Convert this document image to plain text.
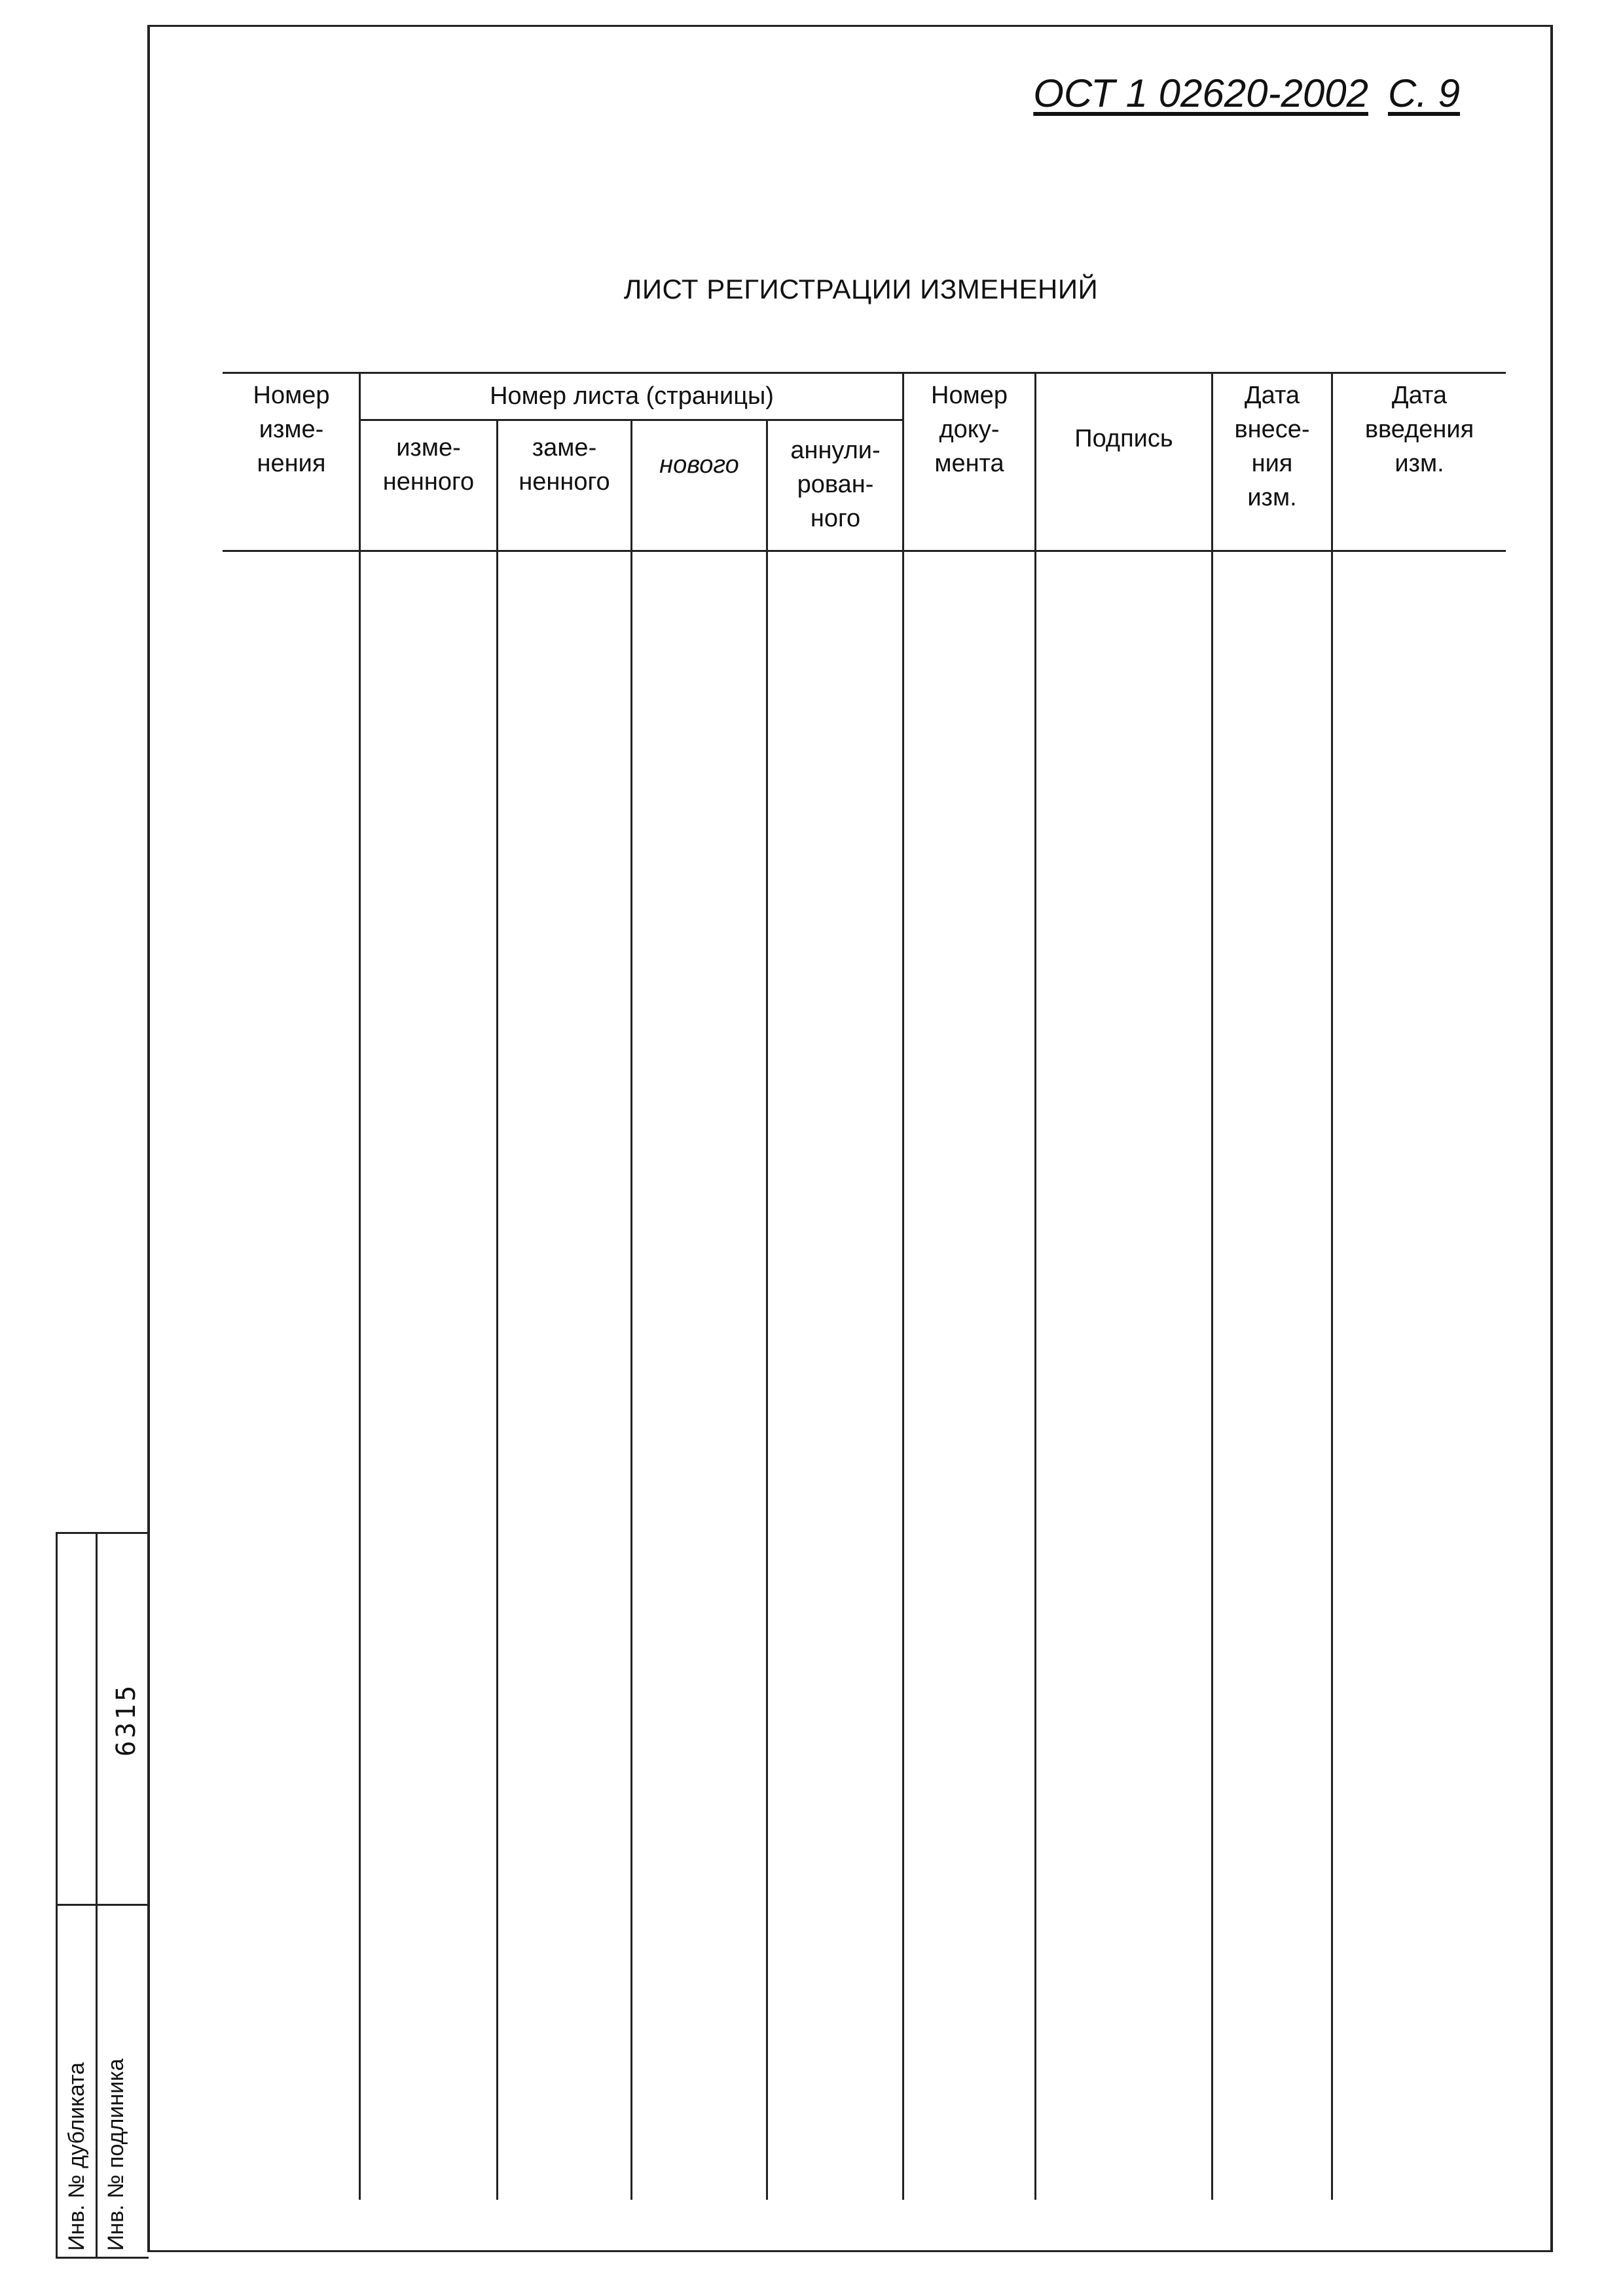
ОСТ 1 02620-2002 С. 9
ЛИСТ РЕГИСТРАЦИИ ИЗМЕНЕНИЙ
Номер
изме-
нения
Номер листа (страницы)
изме-
ненного
заме-
ненного
нового
аннули-
рован-
ного
Номер
доку-
мента
Подпись
Дата
внесе-
ния
изм.
Дата
введения
изм.
Инв. № дубликата Инв. № подлиника
6315
